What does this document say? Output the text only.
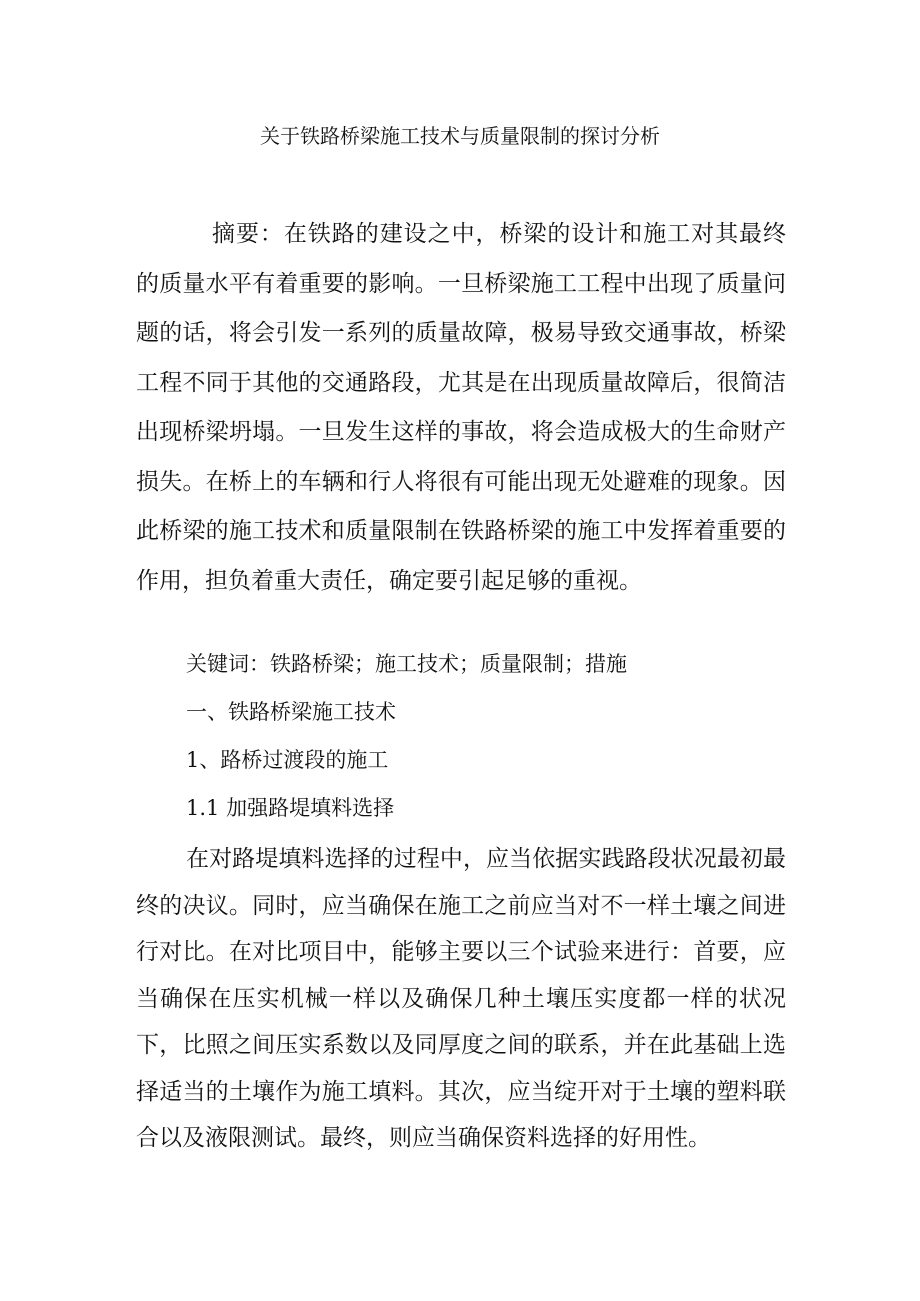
关于铁路桥梁施工技术与质量限制的探讨分析

摘要：在铁路的建设之中，桥梁的设计和施工对其最终的质量水平有着重要的影响。一旦桥梁施工工程中出现了质量问题的话，将会引发一系列的质量故障，极易导致交通事故，桥梁工程不同于其他的交通路段，尤其是在出现质量故障后，很简洁出现桥梁坍塌。一旦发生这样的事故，将会造成极大的生命财产损失。在桥上的车辆和行人将很有可能出现无处避难的现象。因此桥梁的施工技术和质量限制在铁路桥梁的施工中发挥着重要的作用，担负着重大责任，确定要引起足够的重视。

关键词：铁路桥梁；施工技术；质量限制；措施
一、铁路桥梁施工技术
1、路桥过渡段的施工
1.1 加强路堤填料选择

在对路堤填料选择的过程中，应当依据实践路段状况最初最终的决议。同时，应当确保在施工之前应当对不一样土壤之间进行对比。在对比项目中，能够主要以三个试验来进行：首要，应当确保在压实机械一样以及确保几种土壤压实度都一样的状况下，比照之间压实系数以及同厚度之间的联系，并在此基础上选择适当的土壤作为施工填料。其次，应当绽开对于土壤的塑料联合以及液限测试。最终，则应当确保资料选择的好用性。
